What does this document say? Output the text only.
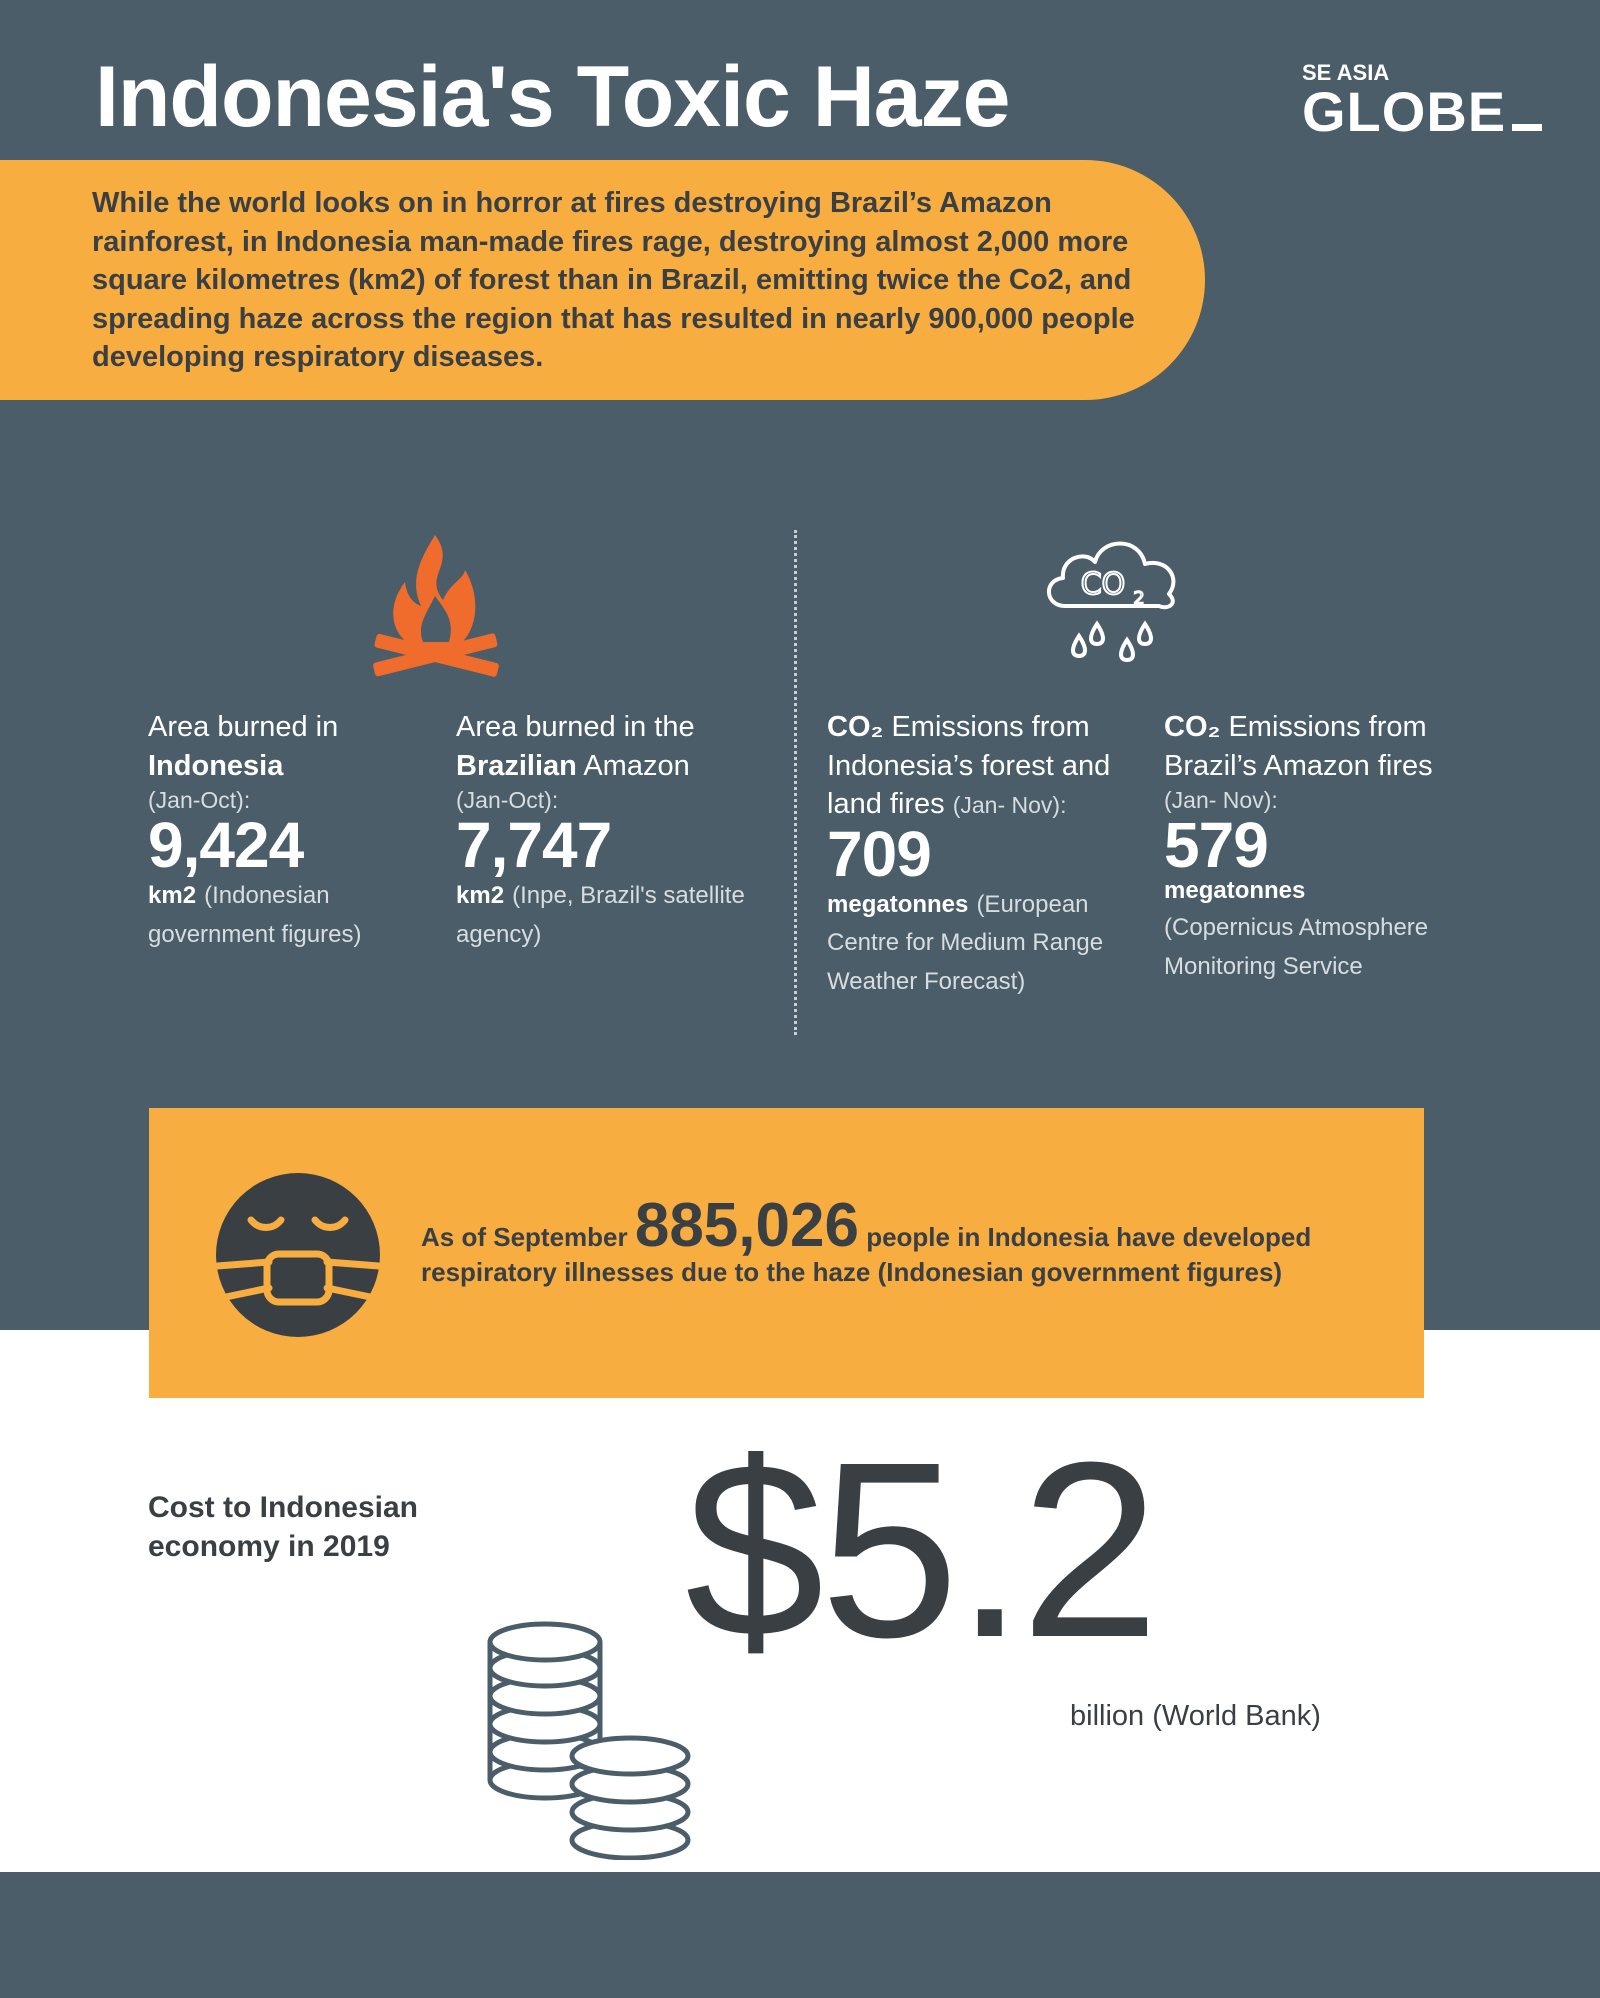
Indonesia's Toxic Haze	SE ASIA
GLOBE
While the world looks on in horror at fires destroying Brazil’s Amazon rainforest, in Indonesia man-made fires rage, destroying almost 2,000 more square kilometres (km2) of forest than in Brazil, emitting twice the Co2, and spreading haze across the region that has resulted in nearly 900,000 people developing respiratory diseases.
CO 2
Area burned in
Indonesia
(Jan-Oct):
9,424
km2 (Indonesian government figures)
Area burned in the
Brazilian Amazon
(Jan-Oct):
7,747
km2 (Inpe, Brazil's satellite agency)
CO₂ Emissions from Indonesia’s forest and land fires (Jan- Nov):
709
megatonnes (European Centre for Medium Range Weather Forecast)
CO₂ Emissions from Brazil’s Amazon fires
(Jan- Nov):
579
megatonnes
(Copernicus Atmosphere Monitoring Service
As of September 885,026 people in Indonesia have developed respiratory illnesses due to the haze (Indonesian government figures)
Cost to Indonesian economy in 2019	$5.2
billion (World Bank)
